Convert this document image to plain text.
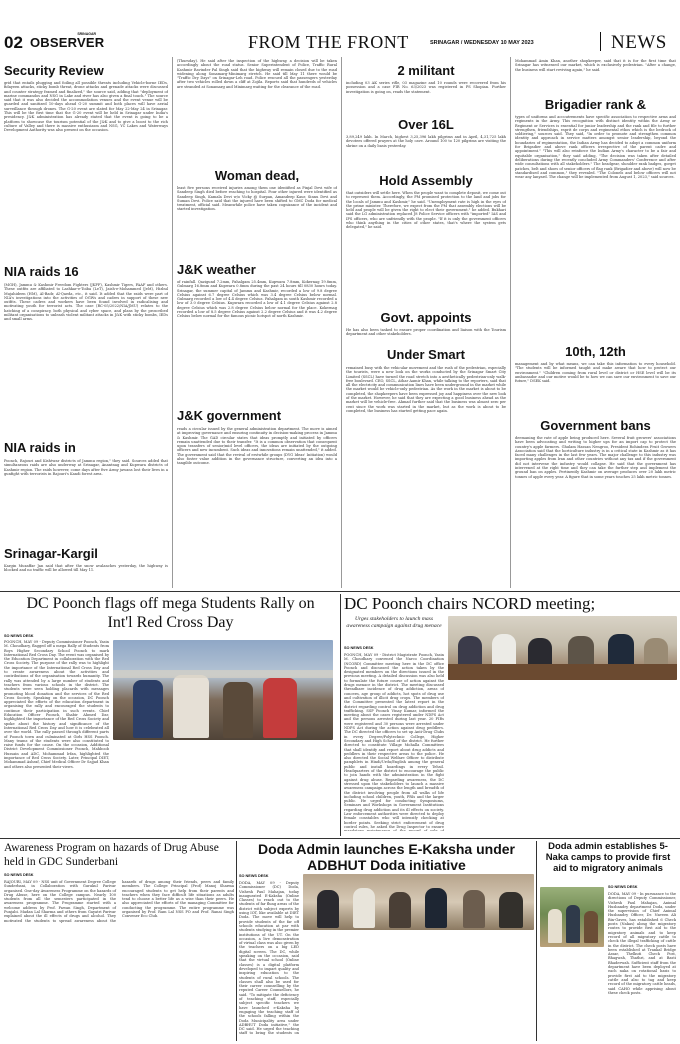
02	SRINAGAR
OBSERVER	FROM THE FRONT	SRINAGAR / WEDNESDAY 10 MAY 2023	NEWS
Security Review
grid that entails plugging and foiling all possible threats including Vehicle-borne IEDs, fidayeen attacks, sticky bomb threat, drone attacks and grenade attacks were discussed and counter strategy framed and finalized," the source said, adding that "deployment of marine commandos and NSG in Lake and river has also given a final touch." The source said that it was also decided the accommodation venues and the event venue will be guarded and sanitized 10-days ahead G-20 summit and both places will have aerial surveillance through drones. The G-20 event are slated for May 22-May 24 in Srinagar. This will be the first time that the G-20 event will be held in Srinagar under India's presidency. J&K administration has already stated that the event is going to be a platform to showcase the tourism potential of the J&K and to give a boost to the rich culture of Valley and there is massive enthusiasm and NSG, YC Lakes and Waterways Development Authority was also present on the occasion.
NIA raids 16
(MGH), Jammu & Kashmir Freedom Fighters (JKFF), Kashmir Tigers, PAAF and others. These outfits are affiliated to Lashkar-e-Toiba (LeT), Jaish-e-Mohammed (JeM), Hizbul Mujahideen (HM), Al-Badr, Al-Qaeda, etc., it said. It added that the raids were part of NIA's investigations into the activities of OGWs and cadres in support of these new outfits. These cadres and workers have been found involved in radicalising and motivating youth for terrorist acts. The case (RC-05/2022/NIA/JMU) relates to the hatching of a conspiracy, both physical and cyber space, and plans by the proscribed militant organisations to unleash violent militant attacks in J&K with sticky bombs, IEDs and small arms.
NIA raids in
Poonch, Rajouri and Kishtwar districts of Jammu region," they said. Sources added that simultaneous raids are also underway at Srinagar, Anantnag and Kupwara districts of Kashmir region. The raids however, come days after five Army jawans lost their lives in a gunfight with terrorists in Rajouri's Kandi forest area.
Srinagar-Kargil
Kargin Muzaffar Jan said that after the snow avalanches yesterday, the highway is blocked and no traffic will be allowed till May 11.
(Thursday). He said after the inspection of the highway, a decision will be taken accordingly about the road status. Senior Superintendent of Police, Traffic Rural Kashmir Ravinder Pal Singh said that the highway will remain closed due to the road widening along Sonamarg-Minimarg stretch. He said till May 11 there would be "Traffic Dry Days" on Srinagar-Leh road. Police rescued all the passengers yesterday after two vehicles rolled down a cliff at Zojila. Reports said that hundreds of vehicles are stranded at Sonamarg and Minimarg waiting for the clearance of the road.
Woman dead,
least five persons received injuries among them one identified as Pinjal Devi wife of Sandeep Singh died before reaching to hospital. Four other injured were identified as Sandeep Singh, Kamala Devi w/o Vicky @ Surpan, Amandeep Kaur, Sinnu Devi and Suman Devi. Police said that the injured have been shifted to GMC Doda for medical treatment, official said. Meanwhile police have taken cognizance of the incident and started investigation.
J&K weather
of rainfall. Qazigund 7.2mm, Pahalgam 25.4mm, Kupwara 7.8mm, Kokernag 19.8mm, Gulmarg 16.8mm and Kupwara 0.8mm during the past 24 hours till 0830 hours today. Srinagar, the summer capital of Jammu and Kashmir, recorded a low of 9.8 degree Celsius against 6.7 degree Celsius which was 3.4 degree Celsius below normal. Gulmarg recorded a low of 4.4 degree Celsius. Pahalgam in south Kashmir recorded a low of 3.0 degree Celsius. Kupwara recorded a low of 4.1 degree Celsius against 2.8 degree Celsius which was 2.8 degree Celsius below normal for the place. Kokernag recorded a low of 8.5 degree Celsius against 2.2 degree Celsius and it was 4.2 degree Celsius below normal for the famous picnic hotspot of north Kashmir.
J&K government
reads a circular issued by the general administration department. The move is aimed at improving governance and ensuring continuity in decision-making process in Jammu & Kashmir. The GAD circular states that ideas promptly and initiated by officers remain unattended due to their transfer. "It is a common observation that consequent upon transfers of senior/mid level officers, the ideas are initiated by the outgoing officers and new incumbent. Such ideas and innovations remain unattended," it added. The government said that the revival of erstwhile groups (DYG Ideas' Initiation) would also foster value addition in the governance structure, converting an idea into a tangible outcome.
2 militant
including 03 AK series rifle, 03 magazine and 10 rounds were recovered from his possession and a case FIR No. 63/2023 was registered in PS Shopian. Further investigation is going on, reads the statement.
Over 16L
3,89,249 lakh. In March, highest 3,25,396 lakh pilgrims and in April, 4,31,725 lakh devotees offered prayers at the holy cave. Around 100 to 120 pilgrims are visiting the shrine on a daily basis yesterday.
Hold Assembly
that outsiders will settle here. When the people want to complete deposit, we come out to represent them. Accordingly, the PM promised protection to the land and jobs for the locals of Jammu and Kashmir," he said. "Unemployment rate is high in the eyes of the prime minister. Therefore, we expect from the PM that assembly elections will be held and people will be given the right to elect their government." he added. Bukhari said the LG administration replaced J8 Police Service officers with "imported" IAS and IPS officers, who are unfriendly with the people. "If it is only the government officers who think anything in the cities of other states, that's where the system gets delegated," he said.
Govt. appoints
He has also been tasked to ensure proper coordination and liaison with the Tourism department and other stakeholders.
Under Smart
remained busy with the vehicular movement and the rush of the pedestrian, especially the tourists, were a new look on the works conducted by the Srinagar Smart City Limited (SSCL) have turned the road stretch into a aesthetically pedestrian-only walk-free boulevard. CEO, SSCL, Athar Aamir Khan, while talking to the reporters, said that all the electricity and communication lines have been underground in the market while the market would be vehicle-only pedestrian. As the work in the market is about to be completed, the shopkeepers have been expressed joy and happiness over the new look of the market. However, he said that they are expecting a good business ahead as the market will be vehicle-free. Ahmad further said that the business was almost zero per cent since the work was started in the market, but as the work is about to be completed, the business has started getting pace again.
Mohammad Amin Khan, another shopkeeper, said that it is for the first time that Srinagar has witnessed our market, which is exclusively pedestrian. "After a change, the business will start reviving again," he said.
Brigadier rank &
types of uniforms and accoutrements have specific association to respective arms and regiments in the Army. This recognition with distinct identity within the Army or Regiment or Services is essential for junior leadership and the rank and file to further strengthen, friendships, esprit de corps and regimental ethos which is the bedrock of soldiering," sources said. They said, "In order to promote and strengthen common identity and approach in service matters amongst senior leadership, beyond the boundaries of regimentation, the Indian Army has decided to adopt a common uniform for Brigadier and above rank officers irrespective of the parent cadre and appointment." "This will also reinforce the Indian Army's character to be a fair and equitable organisation," they said adding, "The decision was taken after detailed deliberations during the recently concluded Army Commanders' Conference and after wide consultations with all stakeholders." The headgear, shoulder rank badges, gorget patches, belt and shoes of senior officers of flag rank (Brigadier and above) will now be standardised and common," they revealed. "The Colonels and below officers will not wear any lanyard. The change will be implemented from August 1, 2023," said sources.
10th, 12th
management and by what means, we can take this information to every household. "The students will be informed taught and make aware that how to protect our environment." "Children coming from rural level or district or HSE level will be its ambassador and our motive would be to how we can save our environment to save our future," DSEK said.
Government bans
deemaning the rate of apple being produced here. Several fruit growers' associations have been advocating and writing to higher ups for an import cap to protect the country's apple farmers. Ghulam Hassan Nengroo, President Rohindera Fruit Growers Association said that the horticulture industry is in a critical state in Kashmir as it has faced many challenges in the last few years. The major challenge to this industry was importing apples from Iran and other countries without any tax and if the government did not intervene the industry would collapse. He said that the government has intervened at the right time and they can take the further step and implement the ground ban on apples. Pertinently Kashmir on average produces over 20 lakh metric tonnes of apple every year. A figure that in some years touches 25 lakh metric tonnes.
DC Poonch flags off mega Students Rally on Int'l Red Cross Day
SO NEWS DESK
POONCH, MAY 09 - Deputy Commissioner Poonch, Yasin M. Choudhary, flagged off a mega Rally of Students from Boys Higher Secondary School Poonch to mark International Red Cross Day. The event was organised by the Education Department in collaboration with the Red Cross Society. The purpose of the rally was to highlight the importance of the International Red Cross Day and to create awareness about the activities and contributions of the organisation towards humanity. The rally was attended by a large number of students and teachers from various schools in the district. The students were seen holding placards with messages promoting blood donation and the services of the Red Cross Society. Speaking on the occasion, DC Poonch appreciated the efforts of the education department in organising the rally and encouraged the students to continue their participation in such events. Chief Education Officer Poonch, Shabir Ahmed Dar, highlighted the importance of the Red Cross Society and spoke about the history and significance of the International Red Cross Day and how it is celebrated all over the world. The rally passed through different parts of Poonch town and culminated at Girls HSS Poonch. Many teams of the students were also constituted to raise funds for the cause. On the occasion, Additional District Development Commissioner Poonch, Mahboob Hussain and ADC, Mohammad Irfan, highlighted the importance of Red Cross Society. Later, Principal DIET, Mohammad Ashraf, Chief Medical Officer Dr Sajjad Khan and others also presented their views.
DC Poonch chairs NCORD meeting;
Urges stakeholders to launch mass awareness campaign against drug menace
SO NEWS DESK
POONCH, MAY 09 - District Magistrate Poonch, Yasin M. Choudhary convened the Narco Coordination (NCORD) Committee meeting here in the DC office Poonch and discussed the action taken by the designated members on the directions issued in the previous meeting. A detailed discussion was also held to formulate the future course of action against the drugs menace in the district. The meeting discussed threadbare incidence of drug addiction, areas of concern, age group of addicts, hot spots of drug use and cultivation of illicit drug crops. The members of the Committee presented the latest report in the district regarding control on drug addiction and drug trafficking. SSP Poonch Vinay Kumar, informed the meeting about the cases registered under NDPS Act and the persons arrested during last year. 20 FIRs were registered and 30 persons were arrested under NDPS Act during the action against drug peddlers. The DC directed the officers to set up Anti-Drug Clubs in every Degree/Polytechnic College, Higher Secondary and High School of the district. He further directed to constitute Village Mohalla Committees that shall identify and report about drug addicts and peddlers in their respective areas to the police. He also directed the Social Welfare Officer to distribute pamphlets in Hindi/Urdu/English among the general public and install hoardings in every Tehsil. Headquarters of the district to encourage the public to join hands with the administration in the fight against drug abuse. Regarding awareness, the DC stressed upon the stakeholders to launch a massive awareness campaign across the length and breadth of the district involving people from all walks of life including school children, youth, PRIs and the larger public. He urged for conducting Symposiums, Seminars and Workshops in Government Institutions regarding drug addiction and its ill effects on society. Law enforcement authorities were directed to deploy female constables who will intensify checking at border points. Seeking strict enforcement of drug control rules, he asked the Drug Inspector to ensure
Awareness Program on hazards of Drug Abuse held in GDC Sunderbani
SO NEWS DESK
RAJOURI, MAY 09 - NSS unit of Government Degree College Sunderbani, in Collaboration with Gurukul Parivar organised. One-day Awareness Programme on the hazards of Drug Abuse, here on the College campus. Nearly 100 students from all the semesters participated in the awareness programme. The Programme started with a welcome address by Prof. Pawan Singh, Department of Punjabi. Madan Lal Sharma and others from Gayatri Parivar explained about the ill effects of drugs and alcohol. They motivated the students to spread awareness about the hazards of drugs among their friends, peers and family members. The College Principal (Prof) Manoj Sharma encouraged students to get help from their parents and teachers when they face difficult life situations as adults tend to choose a better life as a wise than their peers. He also appreciated the efforts of the managing Committee for conducting the programme. The entire programme was organised by Prof. Ram Lal NSS PO and Prof. Ranai Singh Convener Eco Club.
Doda Admin launches E-Kaksha under ADBHUT Doda initiative
SO NEWS DESK
DODA, MAY 09 - Deputy Commissioner (DC) Doda, Vishesh Paul Mahajan, today inaugurated E-Kaksha (Online Classes) to reach out to the students of far flung areas of the district with subject experts by using IOT, like available at DIET Doda. The move will help to provide students of the far off schools education at par with students studying in the premier institutions of the UT. On the occasion, a live demonstration of virtual class was also given by the teachers on a big LED digital screen. The DC, while speaking on the occasion, said that the virtual school (Online classes) is a digital platform developed to impart quality and inspiring education to the students of rural schools. The classes shall also be used for their career counselling by the reputed Career Counsellors, he said. "To mitigate the deficiency of teaching staff, especially subject specific teachers we have launched e-Kaksha by engaging the teaching staff of the schools falling within the Doda Municipality area under ADBHUT Doda initiative," the DC said. He urged the teaching staff to bring the students on
Doda admin establishes 5-Naka camps to provide first aid to migratory animals
SO NEWS DESK
DODA, MAY 09 - In pursuance to the directions of Deputy Commissioner, Vishesh Paul Mahajan, Animal Husbandry department Doda, under the supervision of Chief Animal Husbandry Officer, Dr. Naveen Ali Bin-Gaves, has established 6 Check posts (Nakas) along the migratory routes to provide first aid to the migratory animals and to keep record of all migratory cattle to check the illegal trafficking of cattle in the district. The check posts have been established at Trankal Bridge Assar, Thelkuti Check Post, Bhagwah, Thathri, and at Basti Bhaderwah. Sufficient staff from the department have been deployed at each naka on rotational basis to provide first aid to the migratory cattle and also to tag and keep record of the migratory cattle heads, said CAHO while apprising about these check posts.
